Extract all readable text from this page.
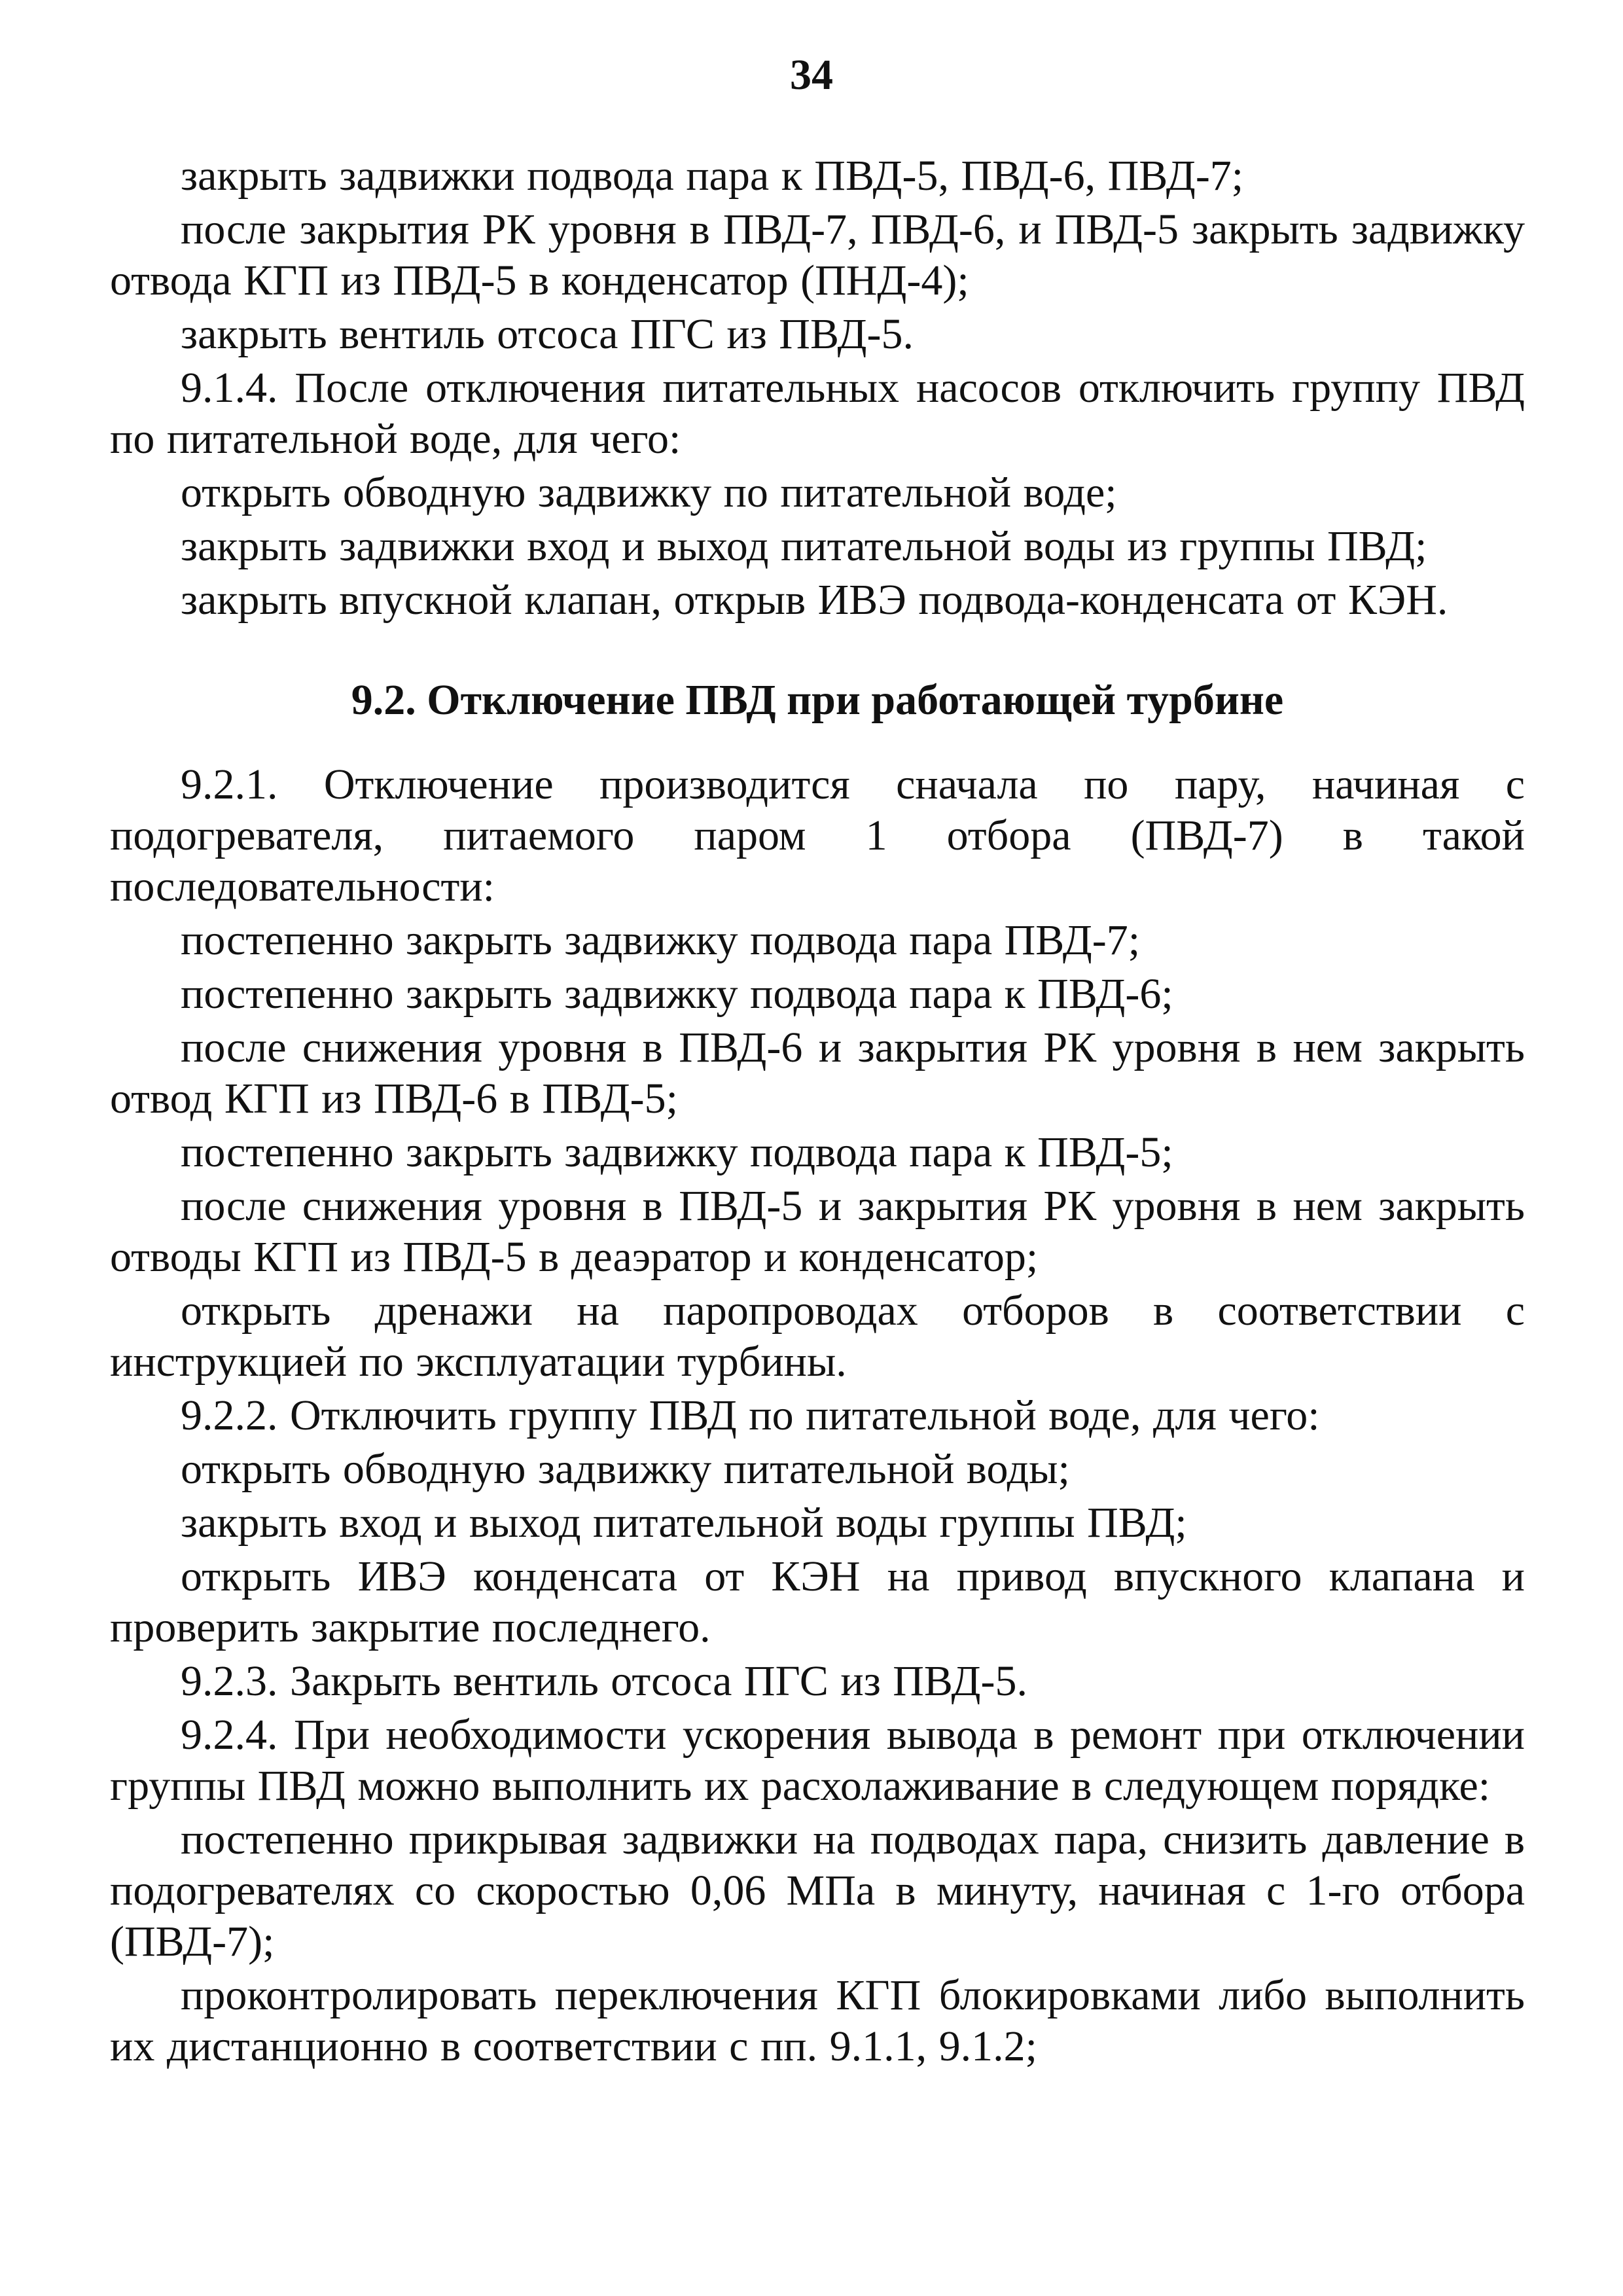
34

закрыть задвижки подвода пара к ПВД-5, ПВД-6, ПВД-7;

после закрытия РК уровня в ПВД-7, ПВД-6, и ПВД-5 закрыть задвижку отвода КГП из ПВД-5 в конденсатор (ПНД-4);

закрыть вентиль отсоса ПГС из ПВД-5.

9.1.4. После отключения питательных насосов отключить группу ПВД по питательной воде, для чего:

открыть обводную задвижку по питательной воде;

закрыть задвижки вход и выход питательной воды из группы ПВД;

закрыть впускной клапан, открыв ИВЭ подвода-конденсата от КЭН.

9.2. Отключение ПВД при работающей турбине

9.2.1. Отключение производится сначала по пару, начиная с подогревателя, питаемого паром 1 отбора (ПВД-7) в такой последовательности:

постепенно закрыть задвижку подвода пара ПВД-7;

постепенно закрыть задвижку подвода пара к ПВД-6;

после снижения уровня в ПВД-6 и закрытия РК уровня в нем закрыть отвод КГП из ПВД-6 в ПВД-5;

постепенно закрыть задвижку подвода пара к ПВД-5;

после снижения уровня в ПВД-5 и закрытия РК уровня в нем закрыть отводы КГП из ПВД-5 в деаэратор и конденсатор;

открыть дренажи на паропроводах отборов в соответствии с инструкцией по эксплуатации турбины.

9.2.2. Отключить группу ПВД по питательной воде, для чего:

открыть обводную задвижку питательной воды;

закрыть вход и выход питательной воды группы ПВД;

открыть ИВЭ конденсата от КЭН на привод впускного клапана и проверить закрытие последнего.

9.2.3. Закрыть вентиль отсоса ПГС из ПВД-5.

9.2.4. При необходимости ускорения вывода в ремонт при отключении группы ПВД можно выполнить их расхолаживание в следующем порядке:

постепенно прикрывая задвижки на подводах пара, снизить давление в подогревателях со скоростью 0,06 МПа в минуту, начиная с 1-го отбора (ПВД-7);

проконтролировать переключения КГП блокировками либо выполнить их дистанционно в соответствии с пп. 9.1.1, 9.1.2;
